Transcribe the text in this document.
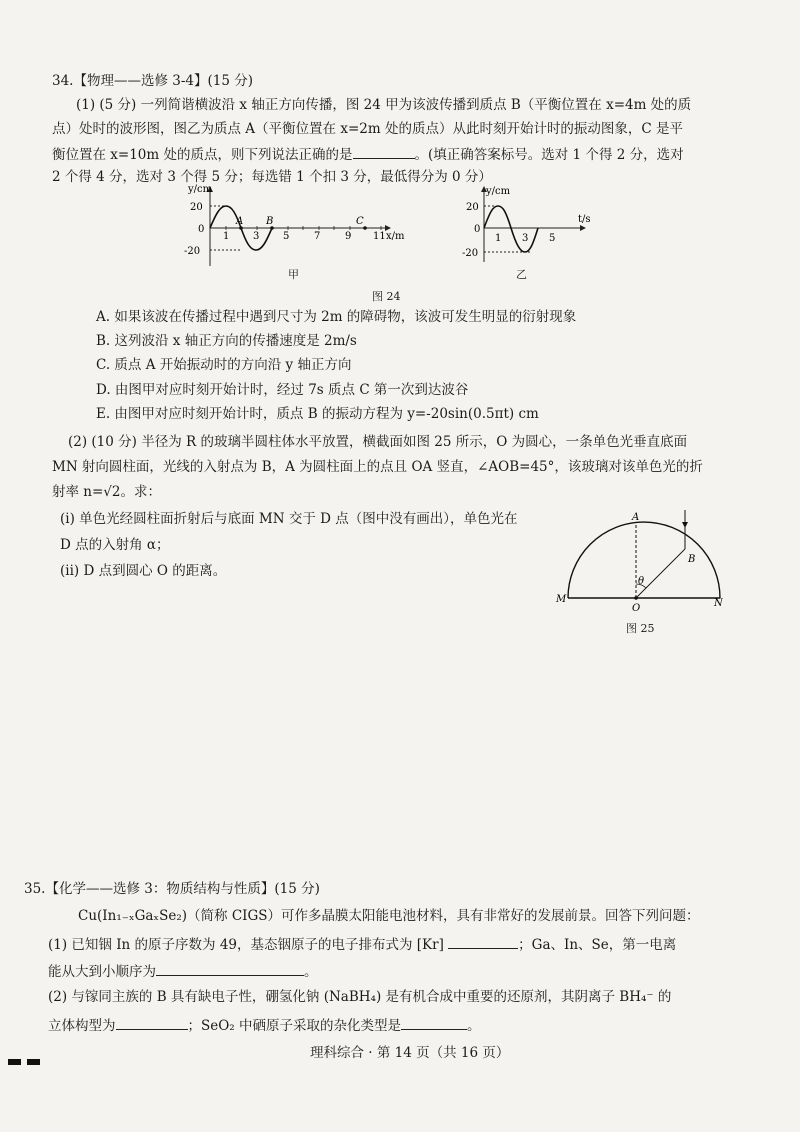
34.【物理——选修 3-4】(15 分)
(1) (5 分) 一列简谐横波沿 x 轴正方向传播，图 24 甲为该波传播到质点 B（平衡位置在 x=4m 处的质
点）处时的波形图，图乙为质点 A（平衡位置在 x=2m 处的质点）从此时刻开始计时的振动图象，C 是平
衡位置在 x=10m 处的质点，则下列说法正确的是	。(填正确答案标号。选对 1 个得 2 分，选对
2 个得 4 分，选对 3 个得 5 分；每选错 1 个扣 3 分，最低得分为 0 分）
y/cm
20
0
-20
1 3 5 7 9 11 x/m
A B	C
甲
y/cm
20
0
-20
1 3 5
t/s
乙
图 24
A. 如果该波在传播过程中遇到尺寸为 2m 的障碍物，该波可发生明显的衍射现象
B. 这列波沿 x 轴正方向的传播速度是 2m/s
C. 质点 A 开始振动时的方向沿 y 轴正方向
D. 由图甲对应时刻开始计时，经过 7s 质点 C 第一次到达波谷
E. 由图甲对应时刻开始计时，质点 B 的振动方程为 y=-20sin(0.5πt) cm
(2) (10 分) 半径为 R 的玻璃半圆柱体水平放置，横截面如图 25 所示，O 为圆心，一条单色光垂直底面
MN 射向圆柱面，光线的入射点为 B，A 为圆柱面上的点且 OA 竖直，∠AOB=45°，该玻璃对该单色光的折
射率 n=√2。求：
(i) 单色光经圆柱面折射后与底面 MN 交于 D 点（图中没有画出），单色光在
D 点的入射角 α；
(ii) D 点到圆心 O 的距离。
A
B
M
O	N
θ
图 25
35.【化学——选修 3：物质结构与性质】(15 分)
Cu(In₁₋ₓGaₓSe₂)（简称 CIGS）可作多晶膜太阳能电池材料，具有非常好的发展前景。回答下列问题：
(1) 已知铟 In 的原子序数为 49，基态铟原子的电子排布式为 [Kr]	；Ga、In、Se，第一电离
能从大到小顺序为	。
(2) 与镓同主族的 B 具有缺电子性，硼氢化钠 (NaBH₄) 是有机合成中重要的还原剂，其阴离子 BH₄⁻ 的
立体构型为	；SeO₂ 中硒原子采取的杂化类型是	。
理科综合 · 第 14 页（共 16 页）
